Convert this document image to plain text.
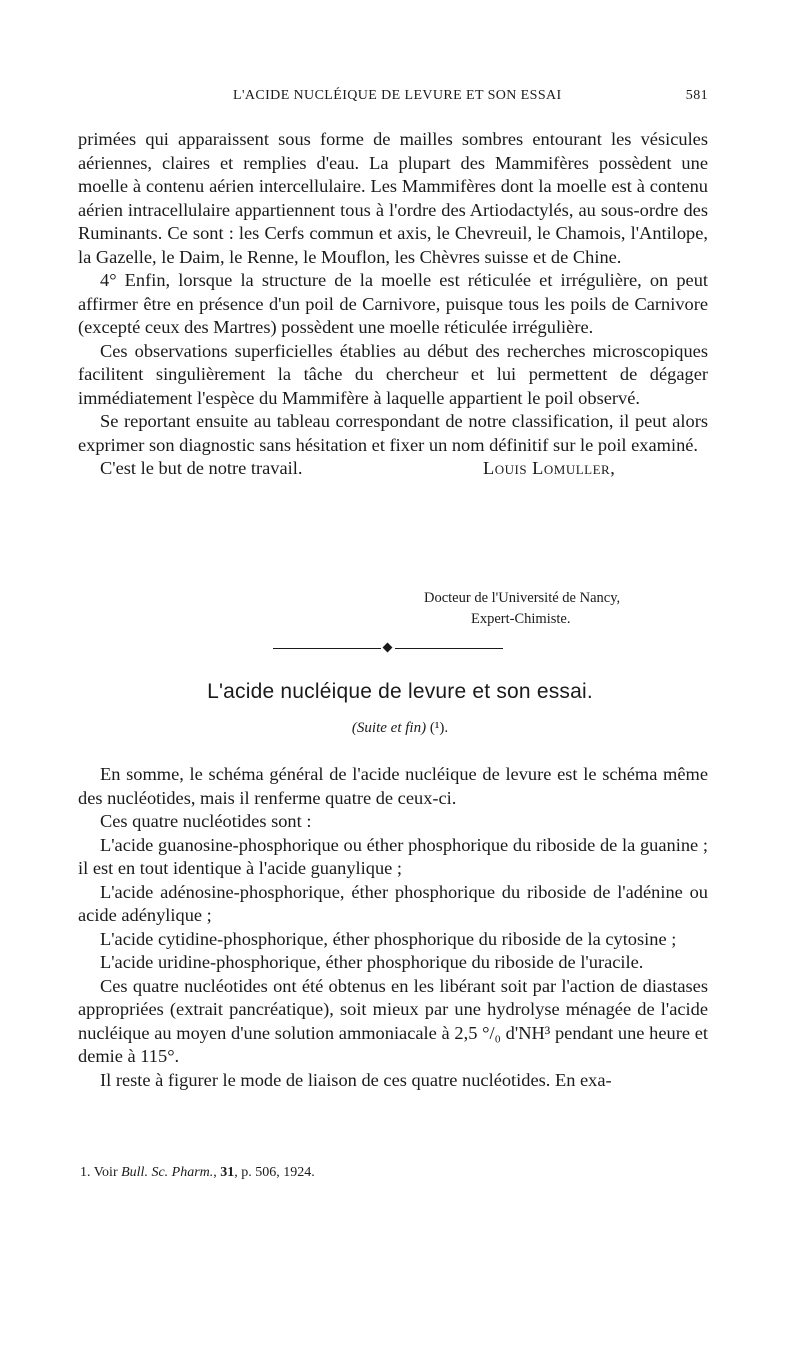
L'ACIDE NUCLÉIQUE DE LEVURE ET SON ESSAI	581

primées qui apparaissent sous forme de mailles sombres entourant les vésicules aériennes, claires et remplies d'eau. La plupart des Mammifères possèdent une moelle à contenu aérien intercellulaire. Les Mammifères dont la moelle est à contenu aérien intracellulaire appartiennent tous à l'ordre des Artiodactylés, au sous-ordre des Ruminants. Ce sont : les Cerfs commun et axis, le Chevreuil, le Chamois, l'Antilope, la Gazelle, le Daim, le Renne, le Mouflon, les Chèvres suisse et de Chine.

4° Enfin, lorsque la structure de la moelle est réticulée et irrégulière, on peut affirmer être en présence d'un poil de Carnivore, puisque tous les poils de Carnivore (excepté ceux des Martres) possèdent une moelle réticulée irrégulière.

Ces observations superficielles établies au début des recherches microscopiques facilitent singulièrement la tâche du chercheur et lui permettent de dégager immédiatement l'espèce du Mammifère à laquelle appartient le poil observé.

Se reportant ensuite au tableau correspondant de notre classification, il peut alors exprimer son diagnostic sans hésitation et fixer un nom définitif sur le poil examiné.

C'est le but de notre travail.	Louis Lomuller,
Docteur de l'Université de Nancy,
Expert-Chimiste.
L'acide nucléique de levure et son essai.
(Suite et fin) (¹).

En somme, le schéma général de l'acide nucléique de levure est le schéma même des nucléotides, mais il renferme quatre de ceux-ci.

Ces quatre nucléotides sont :

L'acide guanosine-phosphorique ou éther phosphorique du riboside de la guanine ; il est en tout identique à l'acide guanylique ;

L'acide adénosine-phosphorique, éther phosphorique du riboside de l'adénine ou acide adénylique ;

L'acide cytidine-phosphorique, éther phosphorique du riboside de la cytosine ;

L'acide uridine-phosphorique, éther phosphorique du riboside de l'uracile.

Ces quatre nucléotides ont été obtenus en les libérant soit par l'action de diastases appropriées (extrait pancréatique), soit mieux par une hydrolyse ménagée de l'acide nucléique au moyen d'une solution ammoniacale à 2,5 °/₀ d'NH³ pendant une heure et demie à 115°.

Il reste à figurer le mode de liaison de ces quatre nucléotides. En exa-

1. Voir Bull. Sc. Pharm., 31, p. 506, 1924.
